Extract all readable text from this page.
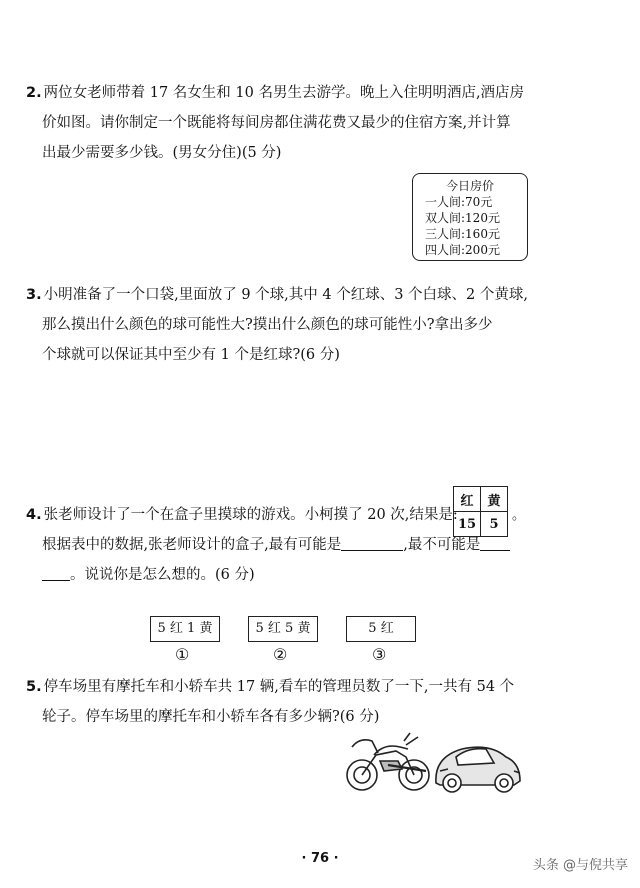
2. 两位女老师带着 17 名女生和 10 名男生去游学。晚上入住明明酒店,酒店房
价如图。请你制定一个既能将每间房都住满花费又最少的住宿方案,并计算
出最少需要多少钱。(男女分住)(5 分)
今日房价
一人间:70元
双人间:120元
三人间:160元
四人间:200元
3. 小明准备了一个口袋,里面放了 9 个球,其中 4 个红球、3 个白球、2 个黄球,
那么摸出什么颜色的球可能性大?摸出什么颜色的球可能性小?拿出多少
个球就可以保证其中至少有 1 个是红球?(6 分)
4. 张老师设计了一个在盒子里摸球的游戏。小柯摸了 20 次,结果是:
根据表中的数据,张老师设计的盒子,最有可能是	,最不可能是
。说说你是怎么想的。(6 分)
红	黄
15	5
。
5 红 1 黄	5 红 5 黄	5 红
①	②	③
5. 停车场里有摩托车和小轿车共 17 辆,看车的管理员数了一下,一共有 54 个
轮子。停车场里的摩托车和小轿车各有多少辆?(6 分)
· 76 ·	头条 @与倪共享
